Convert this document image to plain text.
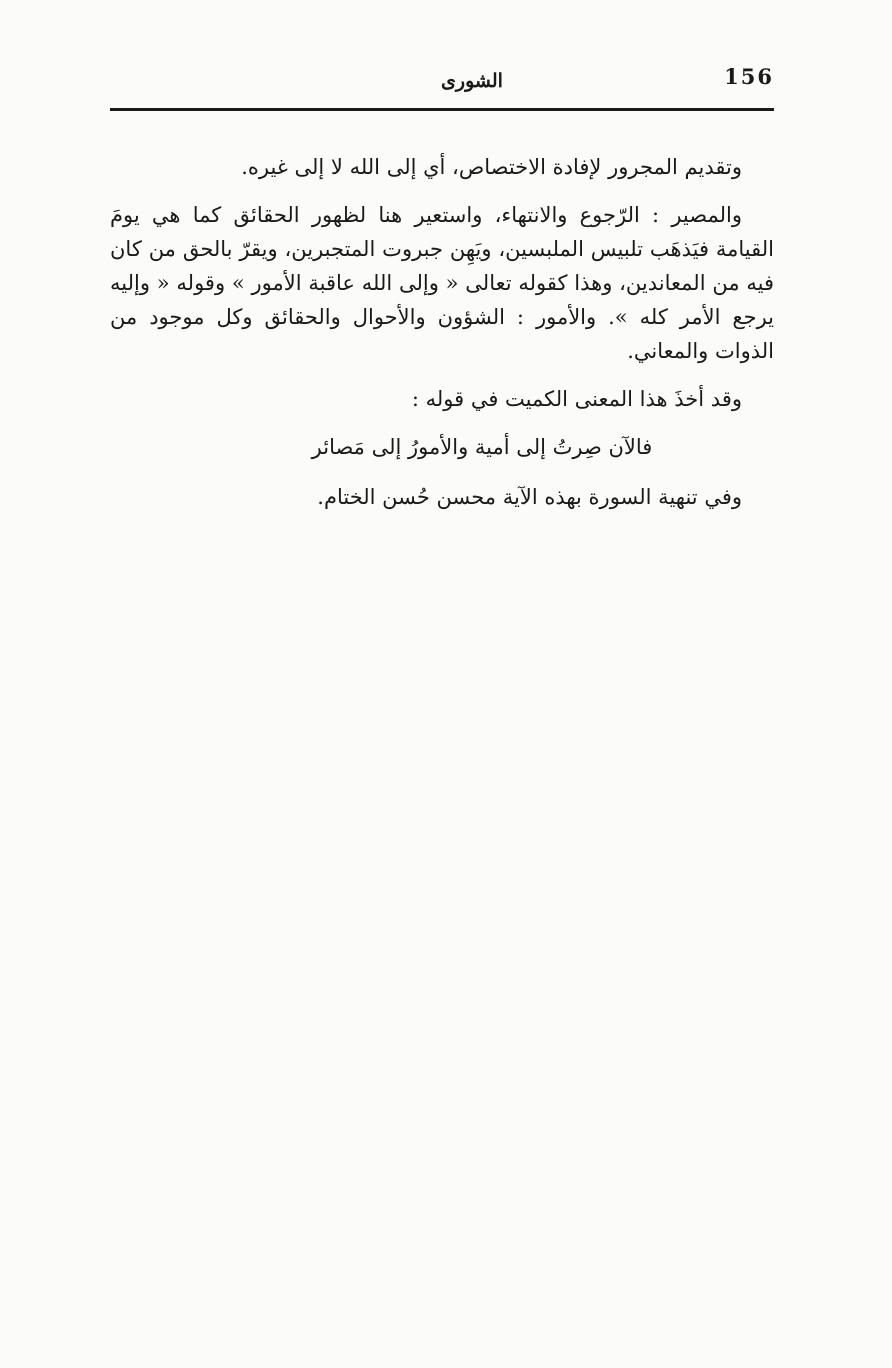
156
الشورى

وتقديم المجرور لإفادة الاختصاص، أي إلى الله لا إلى غيره.

والمصير : الرّجوع والانتهاء، واستعير هنا لظهور الحقائق كما هي يومَ القيامة فيَذهَب تلبيس الملبسين، ويَهِن جبروت المتجبرين، ويقرّ بالحق من كان فيه من المعاندين، وهذا كقوله تعالى « وإلى الله عاقبة الأمور » وقوله « وإليه يرجع الأمر كله ». والأمور : الشؤون والأحوال والحقائق وكل موجود من الذوات والمعاني.

وقد أخذَ هذا المعنى الكميت في قوله :

فالآن صِرتُ إلى أمية والأمورُ إلى مَصائر

وفي تنهية السورة بهذه الآية محسن حُسن الختام.
